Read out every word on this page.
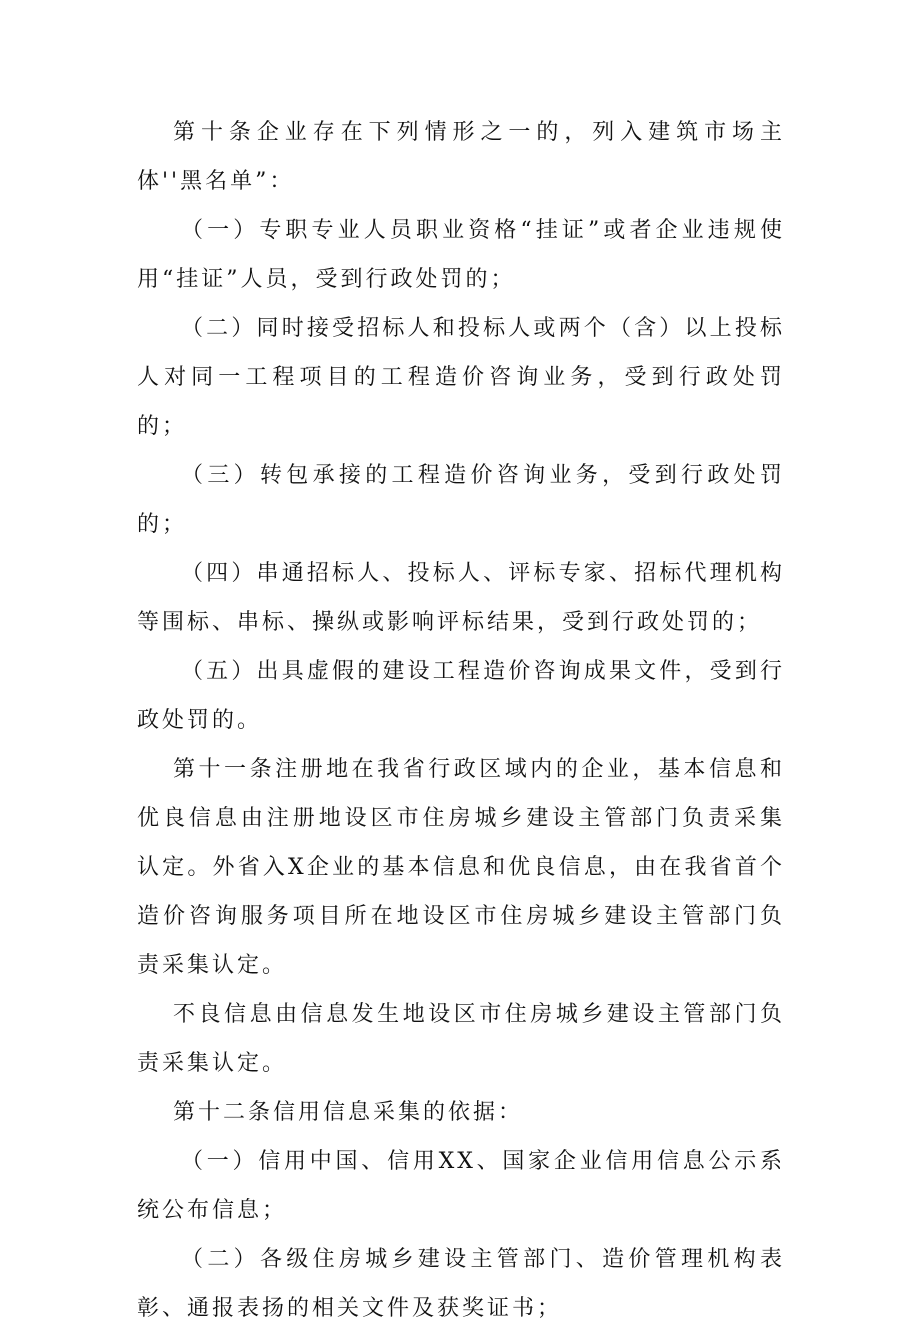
第十条企业存在下列情形之一的，列入建筑市场主体''黑名单”：

（一）专职专业人员职业资格“挂证”或者企业违规使用“挂证”人员，受到行政处罚的；

（二）同时接受招标人和投标人或两个（含）以上投标人对同一工程项目的工程造价咨询业务，受到行政处罚的；

（三）转包承接的工程造价咨询业务，受到行政处罚的；

（四）串通招标人、投标人、评标专家、招标代理机构等围标、串标、操纵或影响评标结果，受到行政处罚的；

（五）出具虚假的建设工程造价咨询成果文件，受到行政处罚的。

第十一条注册地在我省行政区域内的企业，基本信息和优良信息由注册地设区市住房城乡建设主管部门负责采集认定。外省入X企业的基本信息和优良信息，由在我省首个造价咨询服务项目所在地设区市住房城乡建设主管部门负责采集认定。

不良信息由信息发生地设区市住房城乡建设主管部门负责采集认定。

第十二条信用信息采集的依据：

（一）信用中国、信用XX、国家企业信用信息公示系统公布信息；

（二）各级住房城乡建设主管部门、造价管理机构表彰、通报表扬的相关文件及获奖证书；
